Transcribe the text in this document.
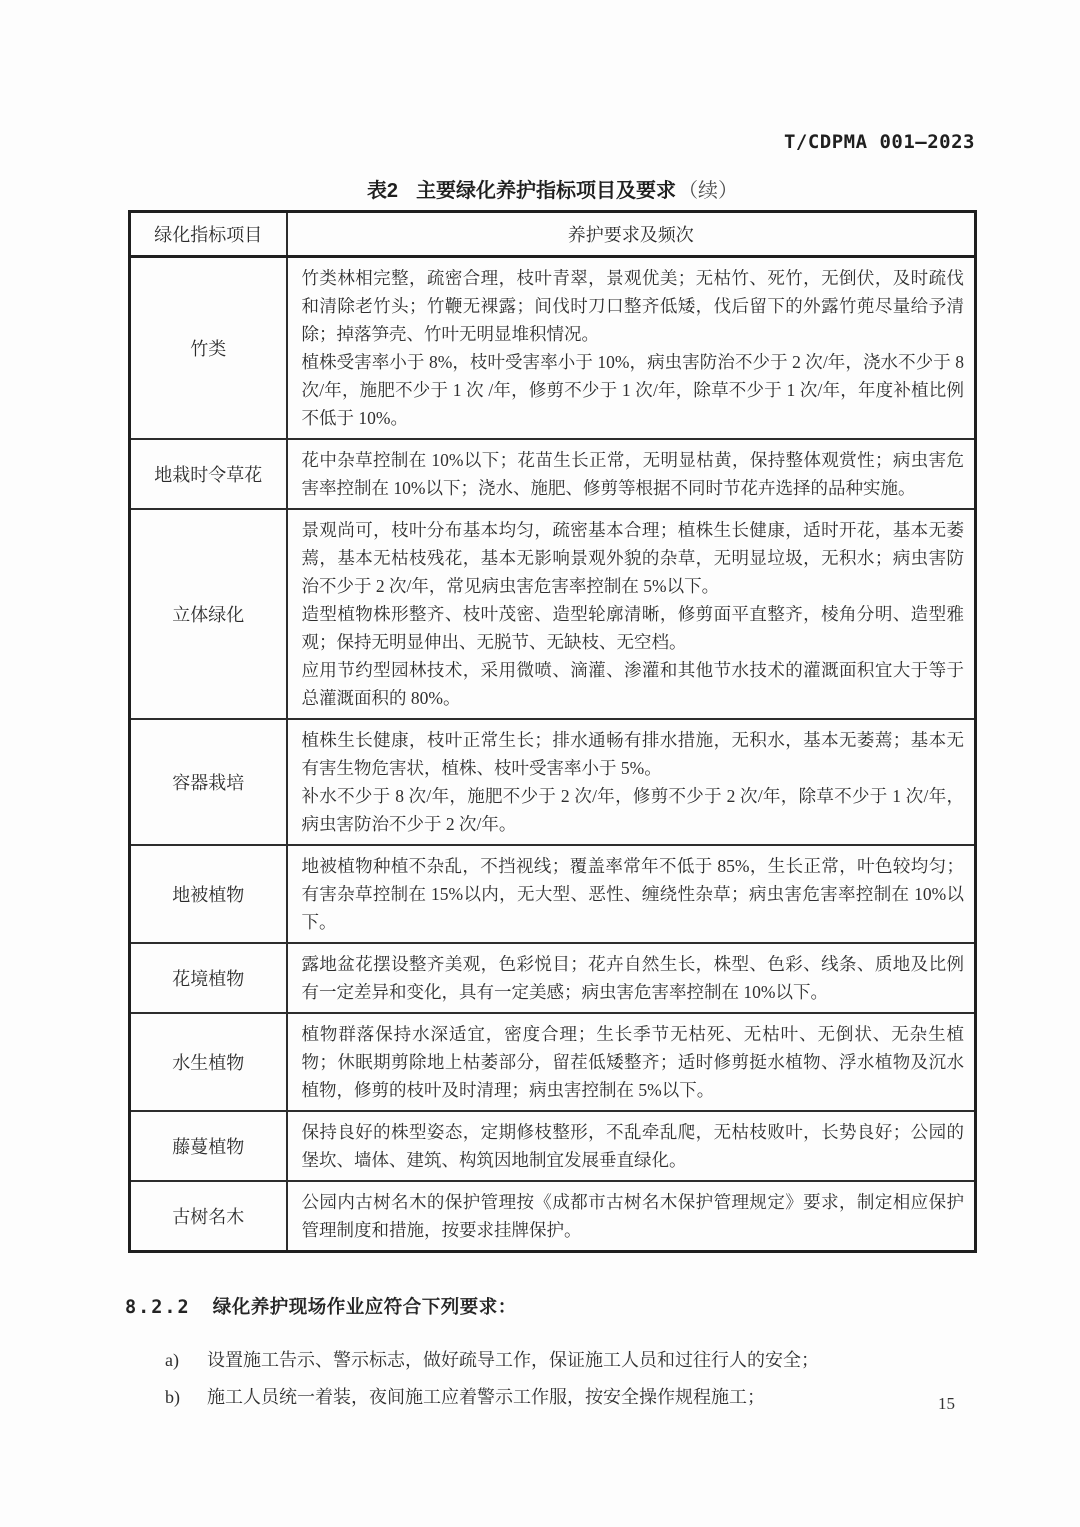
T/CDPMA 001—2023
表2 主要绿化养护指标项目及要求 （续）
绿化指标项目	养护要求及频次
竹类	竹类林相完整，疏密合理，枝叶青翠，景观优美；无枯竹、死竹，无倒伏，及时疏伐和清除老竹头；竹鞭无裸露；间伐时刀口整齐低矮，伐后留下的外露竹蔸尽量给予清除；掉落笋壳、竹叶无明显堆积情况。
植株受害率小于 8%，枝叶受害率小于 10%，病虫害防治不少于 2 次/年，浇水不少于 8 次/年，施肥不少于 1 次 /年，修剪不少于 1 次/年，除草不少于 1 次/年，年度补植比例不低于 10%。

地栽时令草花	花中杂草控制在 10%以下；花苗生长正常，无明显枯黄，保持整体观赏性；病虫害危害率控制在 10%以下；浇水、施肥、修剪等根据不同时节花卉选择的品种实施。

立体绿化	景观尚可，枝叶分布基本均匀，疏密基本合理；植株生长健康，适时开花，基本无萎蔫，基本无枯枝残花，基本无影响景观外貌的杂草，无明显垃圾，无积水；病虫害防治不少于 2 次/年，常见病虫害危害率控制在 5%以下。
造型植物株形整齐、枝叶茂密、造型轮廓清晰，修剪面平直整齐，棱角分明、造型雅观；保持无明显伸出、无脱节、无缺枝、无空档。
应用节约型园林技术，采用微喷、滴灌、渗灌和其他节水技术的灌溉面积宜大于等于总灌溉面积的 80%。

容器栽培	植株生长健康，枝叶正常生长；排水通畅有排水措施，无积水，基本无萎蔫；基本无有害生物危害状，植株、枝叶受害率小于 5%。
补水不少于 8 次/年，施肥不少于 2 次/年，修剪不少于 2 次/年，除草不少于 1 次/年，病虫害防治不少于 2 次/年。

地被植物	地被植物种植不杂乱，不挡视线；覆盖率常年不低于 85%，生长正常，叶色较均匀；有害杂草控制在 15%以内，无大型、恶性、缠绕性杂草；病虫害危害率控制在 10%以下。

花境植物	露地盆花摆设整齐美观，色彩悦目；花卉自然生长，株型、色彩、线条、质地及比例有一定差异和变化，具有一定美感；病虫害危害率控制在 10%以下。

水生植物	植物群落保持水深适宜，密度合理；生长季节无枯死、无枯叶、无倒状、无杂生植物；休眠期剪除地上枯萎部分，留茬低矮整齐；适时修剪挺水植物、浮水植物及沉水植物，修剪的枝叶及时清理；病虫害控制在 5%以下。

藤蔓植物	保持良好的株型姿态，定期修枝整形，不乱牵乱爬，无枯枝败叶，长势良好；公园的堡坎、墙体、建筑、构筑因地制宜发展垂直绿化。

古树名木	公园内古树名木的保护管理按《成都市古树名木保护管理规定》要求，制定相应保护管理制度和措施，按要求挂牌保护。
8.2.2 绿化养护现场作业应符合下列要求：
a)	设置施工告示、警示标志，做好疏导工作，保证施工人员和过往行人的安全；
b)	施工人员统一着装，夜间施工应着警示工作服，按安全操作规程施工；	15
